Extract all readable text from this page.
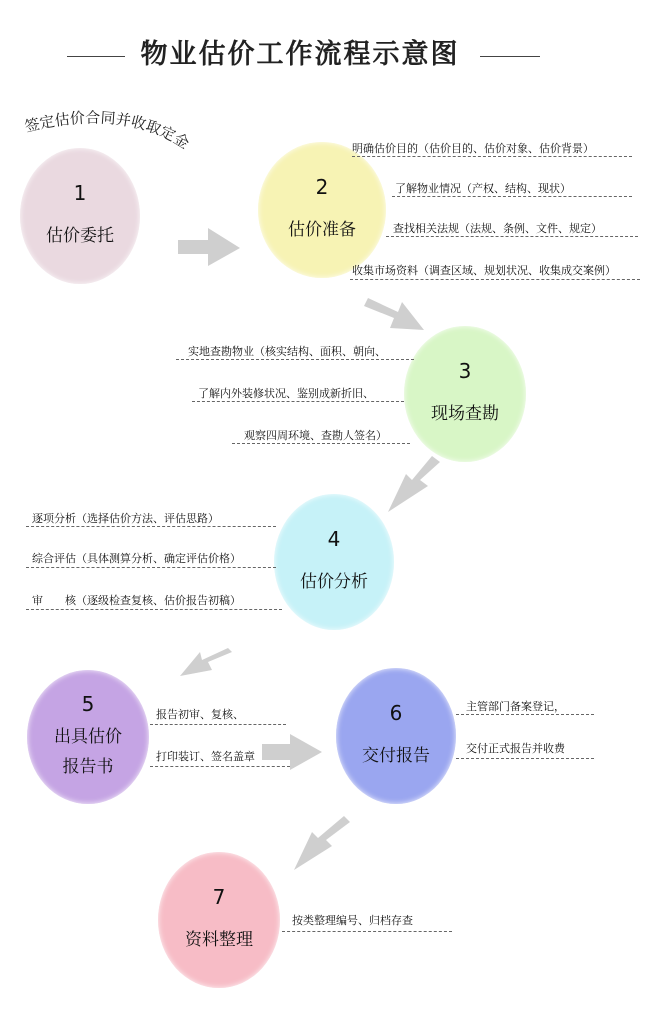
物业估价工作流程示意图
签定估价合同并收取定金
1
估价委托
2
估价准备
明确估价目的（估价目的、估价对象、估价背景）
了解物业情况（产权、结构、现状）
查找相关法规（法规、条例、文件、规定）
收集市场资料（调查区域、规划状况、收集成交案例）
3
现场查勘
实地查勘物业（核实结构、面积、朝向、
了解内外装修状况、鉴别成新折旧、
观察四周环境、查勘人签名）
4
估价分析
逐项分析（选择估价方法、评估思路）
综合评估（具体测算分析、确定评估价格）
审　　核（逐级检查复核、估价报告初稿）
5
出具估价
报告书
报告初审、复核、
打印装订、签名盖章
6
交付报告
主管部门备案登记，
交付正式报告并收费
7
资料整理
按类整理编号、归档存查
